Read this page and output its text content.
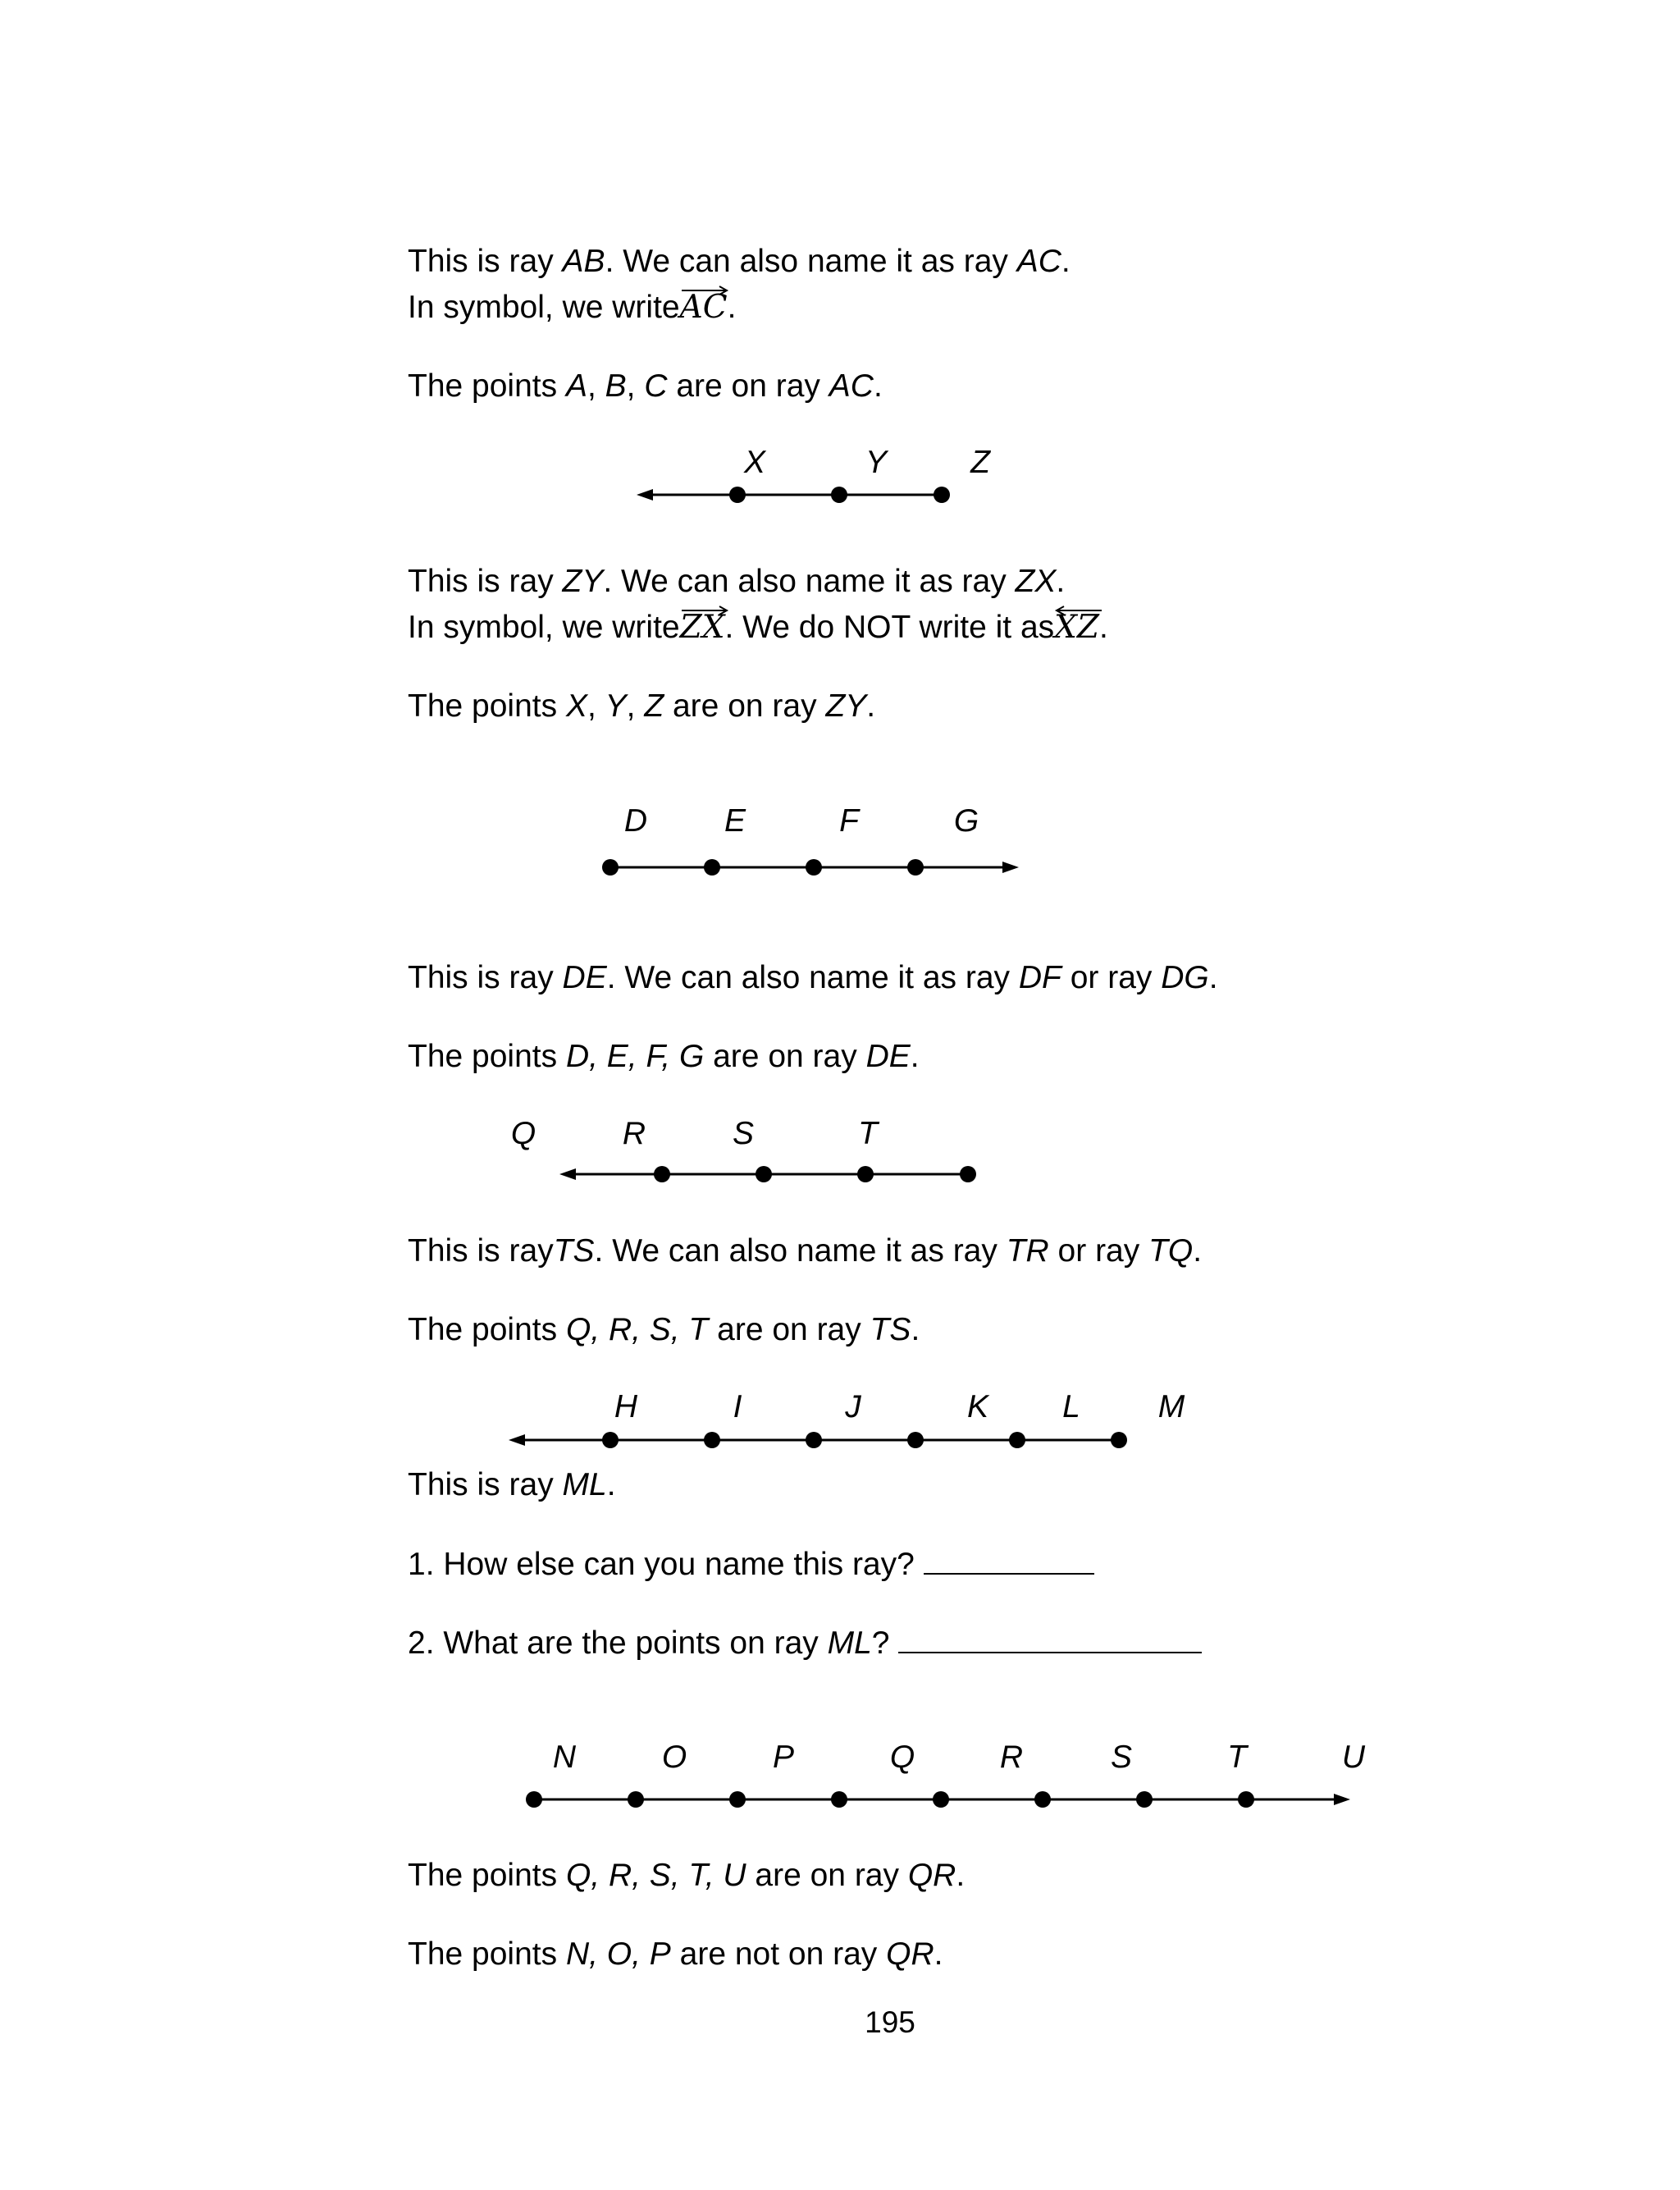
This is ray AB. We can also name it as ray AC.
In symbol, we write
AC.
The points A, B, C are on ray AC.
X	Y	Z
This is ray ZY. We can also name it as ray ZX.
In symbol, we write
ZX. We do NOT write it as
XZ.
The points X, Y, Z are on ray ZY.
D E	F	G
This is ray DE. We can also name it as ray DF or ray DG.
The points D, E, F, G are on ray DE.
Q	R	S	T
This is rayTS. We can also name it as ray TR or ray TQ.
The points Q, R, S, T are on ray TS.
H	I	J	K L M
This is ray ML.
1. How else can you name this ray?
2. What are the points on ray ML?
N	O	P	Q	R	S	T	U
The points Q, R, S, T, U are on ray QR.
The points N, O, P are not on ray QR.
195
